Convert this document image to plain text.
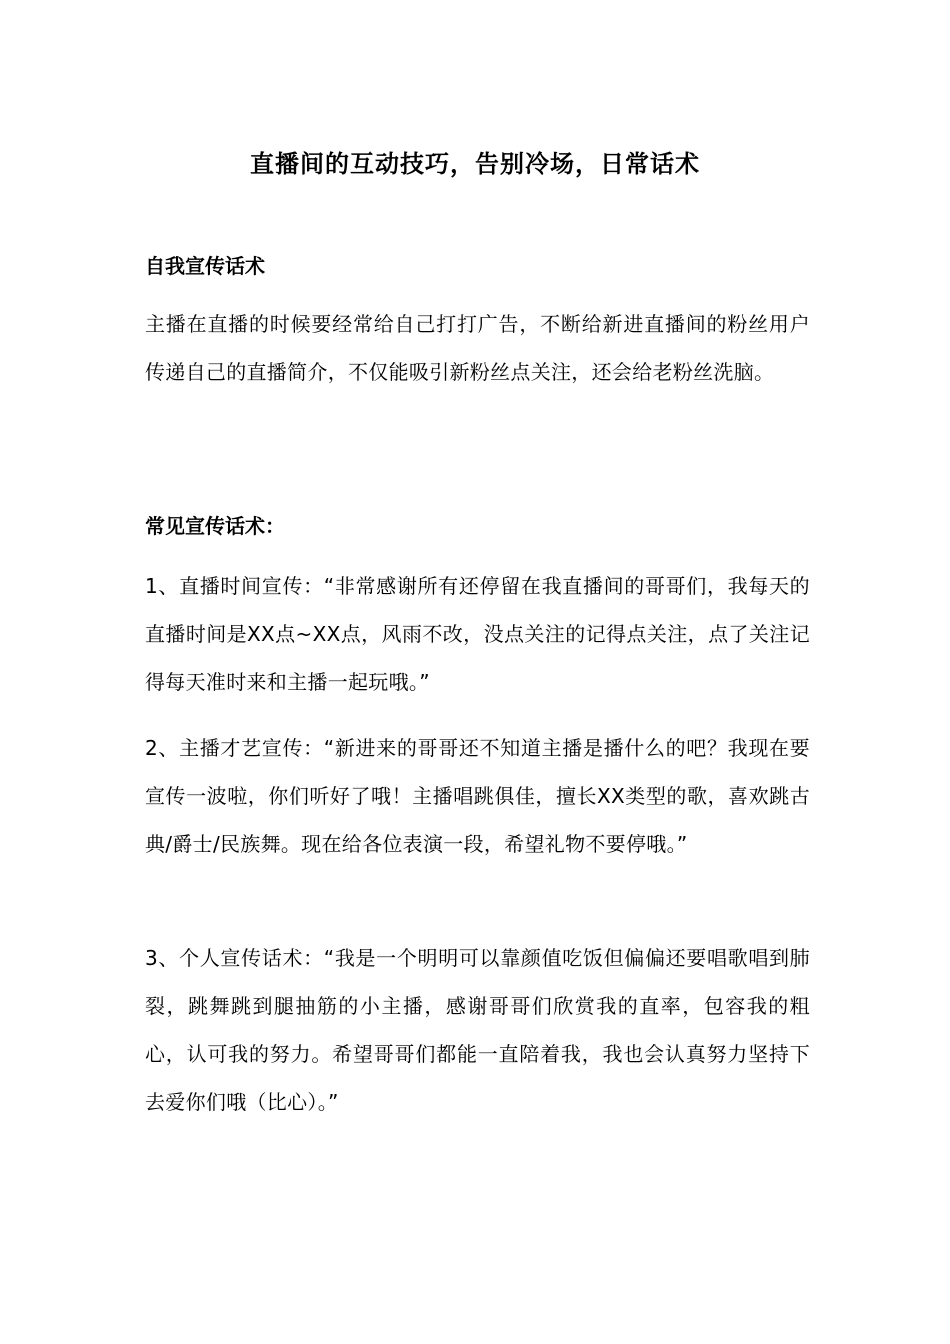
直播间的互动技巧，告别冷场，日常话术
自我宣传话术

主播在直播的时候要经常给自己打打广告，不断给新进直播间的粉丝用户传递自己的直播简介，不仅能吸引新粉丝点关注，还会给老粉丝洗脑。

常见宣传话术：

1、直播时间宣传：“非常感谢所有还停留在我直播间的哥哥们，我每天的直播时间是XX点~XX点，风雨不改，没点关注的记得点关注，点了关注记得每天准时来和主播一起玩哦。”

2、主播才艺宣传：“新进来的哥哥还不知道主播是播什么的吧？我现在要宣传一波啦，你们听好了哦！主播唱跳俱佳，擅长XX类型的歌，喜欢跳古典/爵士/民族舞。现在给各位表演一段，希望礼物不要停哦。”

3、个人宣传话术：“我是一个明明可以靠颜值吃饭但偏偏还要唱歌唱到肺裂，跳舞跳到腿抽筋的小主播，感谢哥哥们欣赏我的直率，包容我的粗心，认可我的努力。希望哥哥们都能一直陪着我，我也会认真努力坚持下去爱你们哦（比心）。”
